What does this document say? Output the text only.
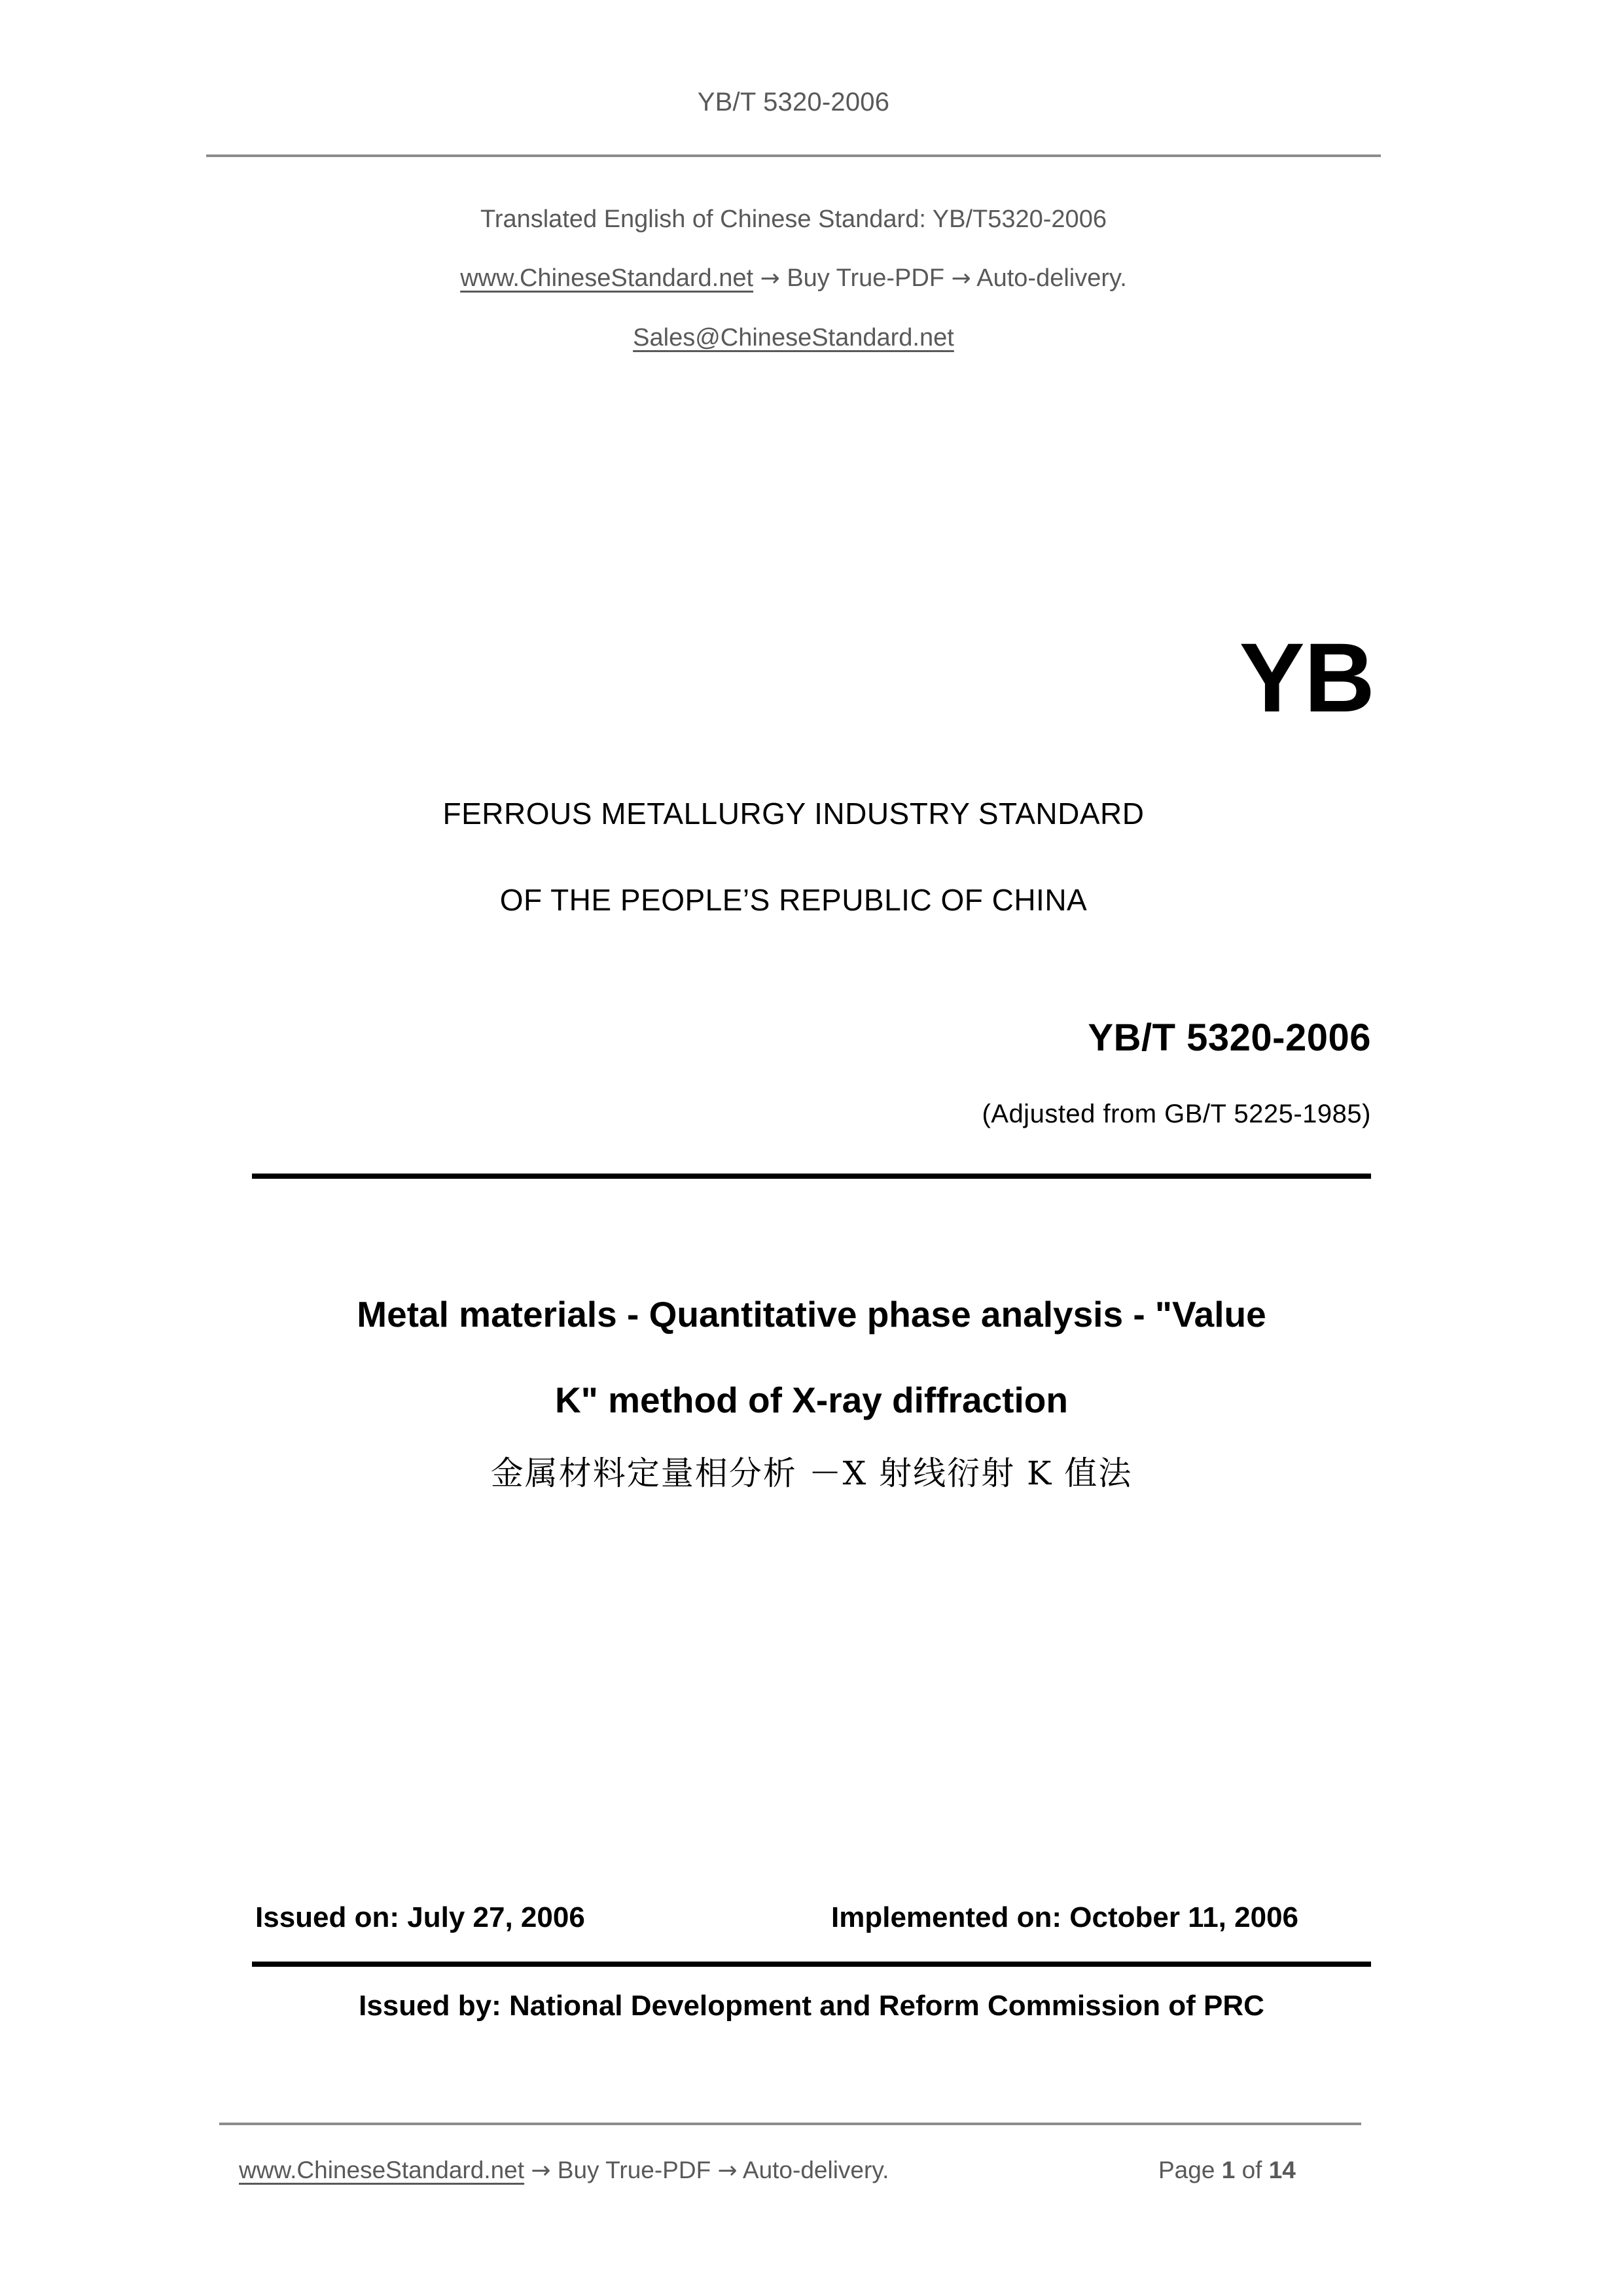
YB/T 5320-2006
Translated English of Chinese Standard: YB/T5320-2006
www.ChineseStandard.net → Buy True-PDF → Auto-delivery.
Sales@ChineseStandard.net
YB
FERROUS METALLURGY INDUSTRY STANDARD
OF THE PEOPLE’S REPUBLIC OF CHINA
YB/T 5320-2006
(Adjusted from GB/T 5225-1985)
Metal materials - Quantitative phase analysis - "Value
K" method of X-ray diffraction
金属材料定量相分析 －X 射线衍射 K 值法
Issued on: July 27, 2006	Implemented on: October 11, 2006
Issued by: National Development and Reform Commission of PRC
www.ChineseStandard.net → Buy True-PDF → Auto-delivery.	Page 1 of 14
